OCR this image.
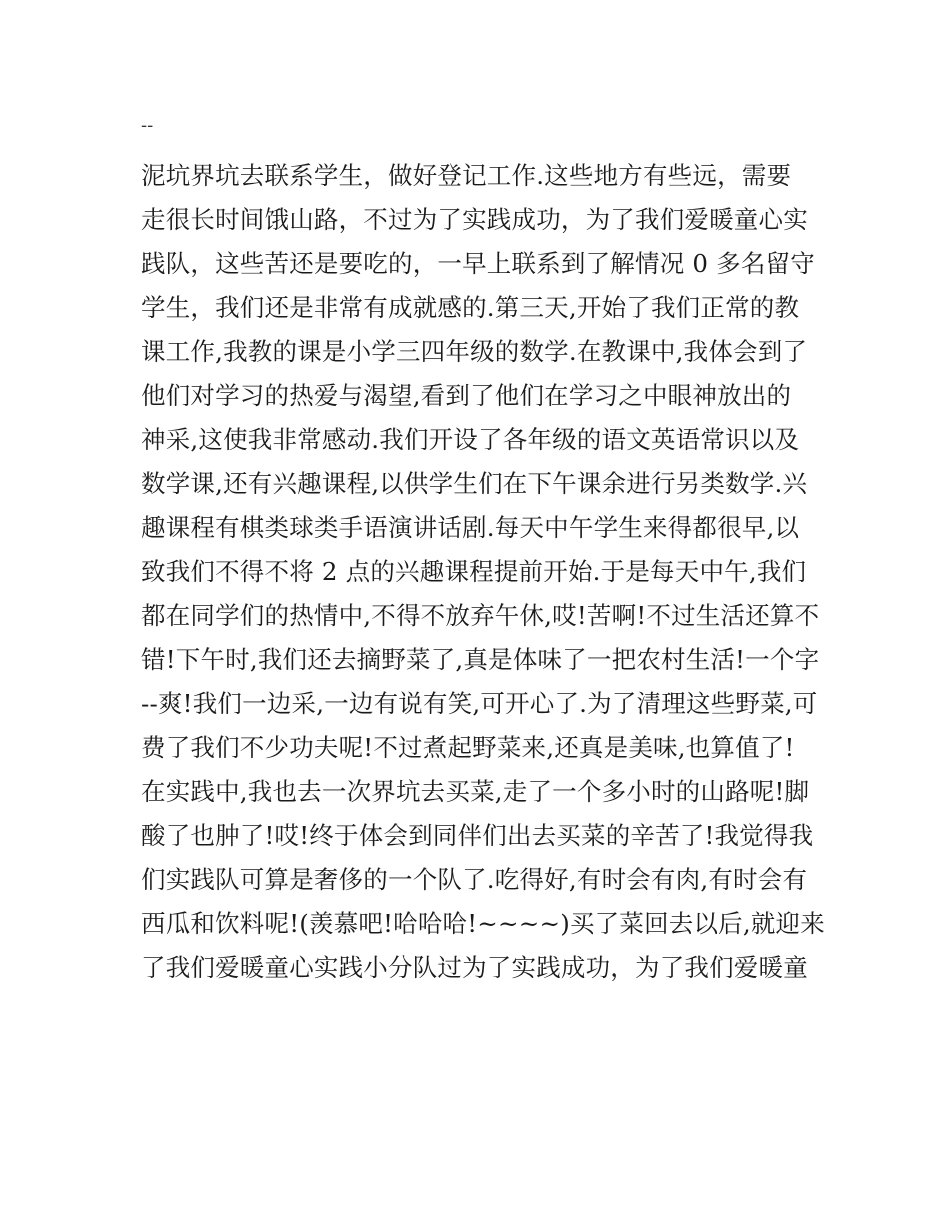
--
泥坑界坑去联系学生，做好登记工作.这些地方有些远，需要
走很长时间饿山路，不过为了实践成功，为了我们爱暖童心实
践队，这些苦还是要吃的，一早上联系到了解情况 0 多名留守
学生，我们还是非常有成就感的.第三天,开始了我们正常的教
课工作,我教的课是小学三四年级的数学.在教课中,我体会到了
他们对学习的热爱与渴望,看到了他们在学习之中眼神放出的
神采,这使我非常感动.我们开设了各年级的语文英语常识以及
数学课,还有兴趣课程,以供学生们在下午课余进行另类数学.兴
趣课程有棋类球类手语演讲话剧.每天中午学生来得都很早,以
致我们不得不将 2 点的兴趣课程提前开始.于是每天中午,我们
都在同学们的热情中,不得不放弃午休,哎!苦啊!不过生活还算不
错!下午时,我们还去摘野菜了,真是体味了一把农村生活!一个字
--爽!我们一边采,一边有说有笑,可开心了.为了清理这些野菜,可
费了我们不少功夫呢!不过煮起野菜来,还真是美味,也算值了!
在实践中,我也去一次界坑去买菜,走了一个多小时的山路呢!脚
酸了也肿了!哎!终于体会到同伴们出去买菜的辛苦了!我觉得我
们实践队可算是奢侈的一个队了.吃得好,有时会有肉,有时会有
西瓜和饮料呢!(羡慕吧!哈哈哈!~~~~)买了菜回去以后,就迎来
了我们爱暖童心实践小分队过为了实践成功，为了我们爱暖童
